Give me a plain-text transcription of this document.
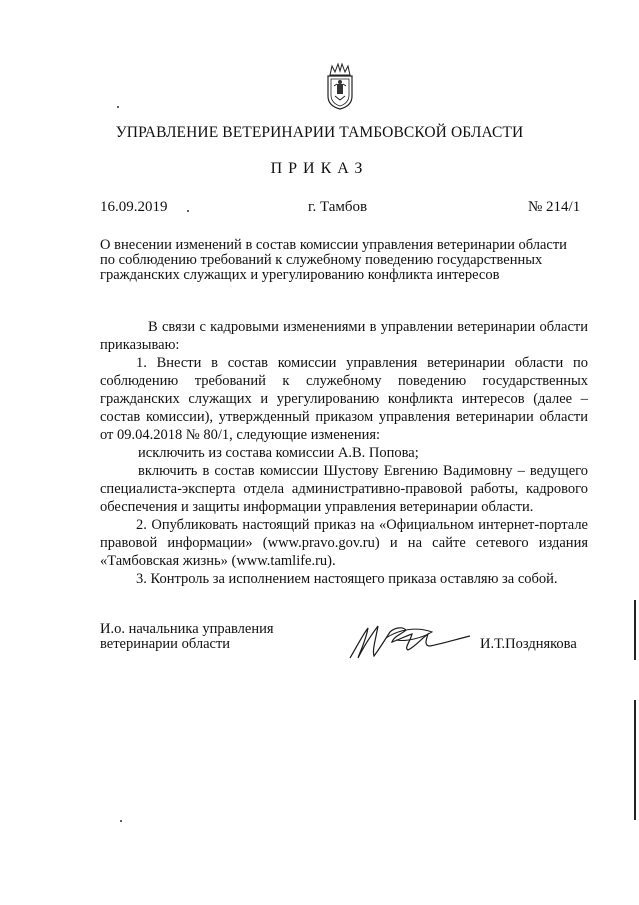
УПРАВЛЕНИЕ ВЕТЕРИНАРИИ ТАМБОВСКОЙ ОБЛАСТИ
ПРИКАЗ
16.09.2019	г. Тамбов	№ 214/1
О внесении изменений в состав комиссии управления ветеринарии области
по соблюдению требований к служебному поведению государственных
гражданских служащих и урегулированию конфликта интересов
В связи с кадровыми изменениями в управлении ветеринарии области приказываю:
1. Внести в состав комиссии управления ветеринарии области по соблюдению требований к служебному поведению государственных гражданских служащих и урегулированию конфликта интересов (далее – состав комиссии), утвержденный приказом управления ветеринарии области от 09.04.2018 № 80/1, следующие изменения:
исключить из состава комиссии А.В. Попова;
включить в состав комиссии Шустову Евгению Вадимовну – ведущего специалиста-эксперта отдела административно-правовой работы, кадрового обеспечения и защиты информации управления ветеринарии области.
2. Опубликовать настоящий приказ на «Официальном интернет-портале правовой информации» (www.pravo.gov.ru) и на сайте сетевого издания «Тамбовская жизнь» (www.tamlife.ru).
3. Контроль за исполнением настоящего приказа оставляю за собой.
И.о. начальника управления
ветеринарии области	И.Т.Позднякова
